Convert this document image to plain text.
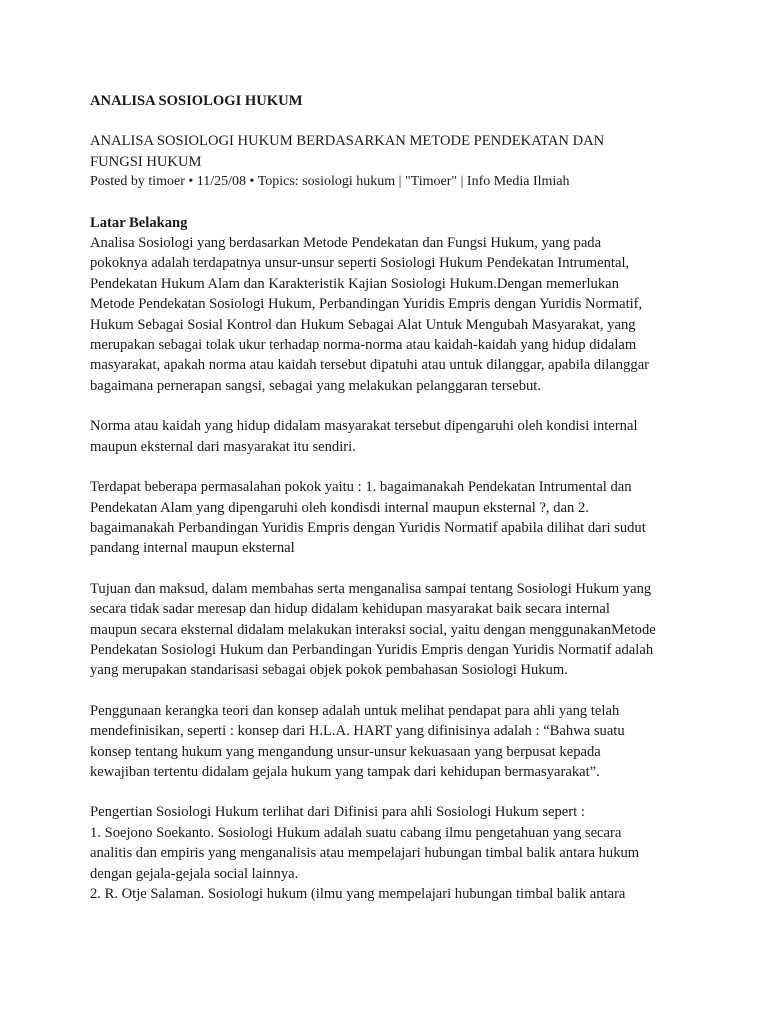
ANALISA SOSIOLOGI HUKUM
ANALISA SOSIOLOGI HUKUM BERDASARKAN METODE PENDEKATAN DAN
FUNGSI HUKUM
Posted by timoer • 11/25/08 • Topics: sosiologi hukum | "Timoer" | Info Media Ilmiah
Latar Belakang
Analisa Sosiologi yang berdasarkan Metode Pendekatan dan Fungsi Hukum, yang pada
pokoknya adalah terdapatnya unsur-unsur seperti Sosiologi Hukum Pendekatan Intrumental,
Pendekatan Hukum Alam dan Karakteristik Kajian Sosiologi Hukum.Dengan memerlukan
Metode Pendekatan Sosiologi Hukum, Perbandingan Yuridis Empris dengan Yuridis Normatif,
Hukum Sebagai Sosial Kontrol dan Hukum Sebagai Alat Untuk Mengubah Masyarakat, yang
merupakan sebagai tolak ukur terhadap norma-norma atau kaidah-kaidah yang hidup didalam
masyarakat, apakah norma atau kaidah tersebut dipatuhi atau untuk dilanggar, apabila dilanggar
bagaimana pernerapan sangsi, sebagai yang melakukan pelanggaran tersebut.
Norma atau kaidah yang hidup didalam masyarakat tersebut dipengaruhi oleh kondisi internal
maupun eksternal dari masyarakat itu sendiri.
Terdapat beberapa permasalahan pokok yaitu : 1. bagaimanakah Pendekatan Intrumental dan
Pendekatan Alam yang dipengaruhi oleh kondisdi internal maupun eksternal ?, dan 2.
bagaimanakah Perbandingan Yuridis Empris dengan Yuridis Normatif apabila dilihat dari sudut
pandang internal maupun eksternal
Tujuan dan maksud, dalam membahas serta menganalisa sampai tentang Sosiologi Hukum yang
secara tidak sadar meresap dan hidup didalam kehidupan masyarakat baik secara internal
maupun secara eksternal didalam melakukan interaksi social, yaitu dengan menggunakanMetode
Pendekatan Sosiologi Hukum dan Perbandingan Yuridis Empris dengan Yuridis Normatif adalah
yang merupakan standarisasi sebagai objek pokok pembahasan Sosiologi Hukum.
Penggunaan kerangka teori dan konsep adalah untuk melihat pendapat para ahli yang telah
mendefinisikan, seperti : konsep dari H.L.A. HART yang difinisinya adalah : “Bahwa suatu
konsep tentang hukum yang mengandung unsur-unsur kekuasaan yang berpusat kepada
kewajiban tertentu didalam gejala hukum yang tampak dari kehidupan bermasyarakat”.
Pengertian Sosiologi Hukum terlihat dari Difinisi para ahli Sosiologi Hukum sepert :
1. Soejono Soekanto. Sosiologi Hukum adalah suatu cabang ilmu pengetahuan yang secara
analitis dan empiris yang menganalisis atau mempelajari hubungan timbal balik antara hukum
dengan gejala-gejala social lainnya.
2. R. Otje Salaman. Sosiologi hukum (ilmu yang mempelajari hubungan timbal balik antara
